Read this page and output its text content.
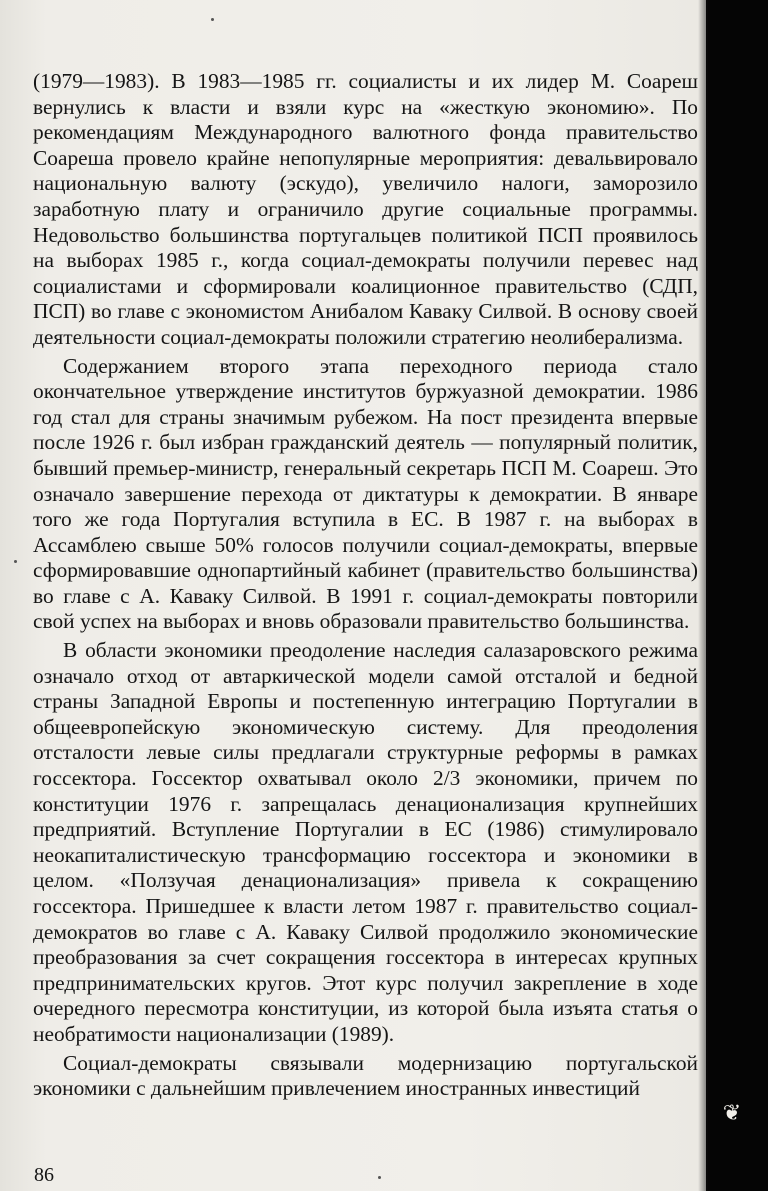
(1979—1983). В 1983—1985 гг. социалисты и их лидер М. Соареш вернулись к власти и взяли курс на «жесткую экономию». По рекомендациям Международного валютного фонда правительство Соареша провело крайне непопулярные мероприятия: девальвировало национальную валюту (эскудо), увеличило налоги, заморозило заработную плату и ограничило другие социальные программы. Недовольство большинства португальцев политикой ПСП проявилось на выборах 1985 г., когда социал-демократы получили перевес над социалистами и сформировали коалиционное правительство (СДП, ПСП) во главе с экономистом Анибалом Каваку Силвой. В основу своей деятельности социал-демократы положили стратегию неолиберализма.

Содержанием второго этапа переходного периода стало окончательное утверждение институтов буржуазной демократии. 1986 год стал для страны значимым рубежом. На пост президента впервые после 1926 г. был избран гражданский деятель — популярный политик, бывший премьер-министр, генеральный секретарь ПСП М. Соареш. Это означало завершение перехода от диктатуры к демократии. В январе того же года Португалия вступила в ЕС. В 1987 г. на выборах в Ассамблею свыше 50% голосов получили социал-демократы, впервые сформировавшие однопартийный кабинет (правительство большинства) во главе с А. Каваку Силвой. В 1991 г. социал-демократы повторили свой успех на выборах и вновь образовали правительство большинства.

В области экономики преодоление наследия салазаровского режима означало отход от автаркической модели самой отсталой и бедной страны Западной Европы и постепенную интеграцию Португалии в общеевропейскую экономическую систему. Для преодоления отсталости левые силы предлагали структурные реформы в рамках госсектора. Госсектор охватывал около 2/3 экономики, причем по конституции 1976 г. запрещалась денационализация крупнейших предприятий. Вступление Португалии в ЕС (1986) стимулировало неокапиталистическую трансформацию госсектора и экономики в целом. «Ползучая денационализация» привела к сокращению госсектора. Пришедшее к власти летом 1987 г. правительство социал-демократов во главе с А. Каваку Силвой продолжило экономические преобразования за счет сокращения госсектора в интересах крупных предпринимательских кругов. Этот курс получил закрепление в ходе очередного пересмотра конституции, из которой была изъята статья о необратимости национализации (1989).

Социал-демократы связывали модернизацию португальской экономики с дальнейшим привлечением иностранных инвестиций

86
❦
